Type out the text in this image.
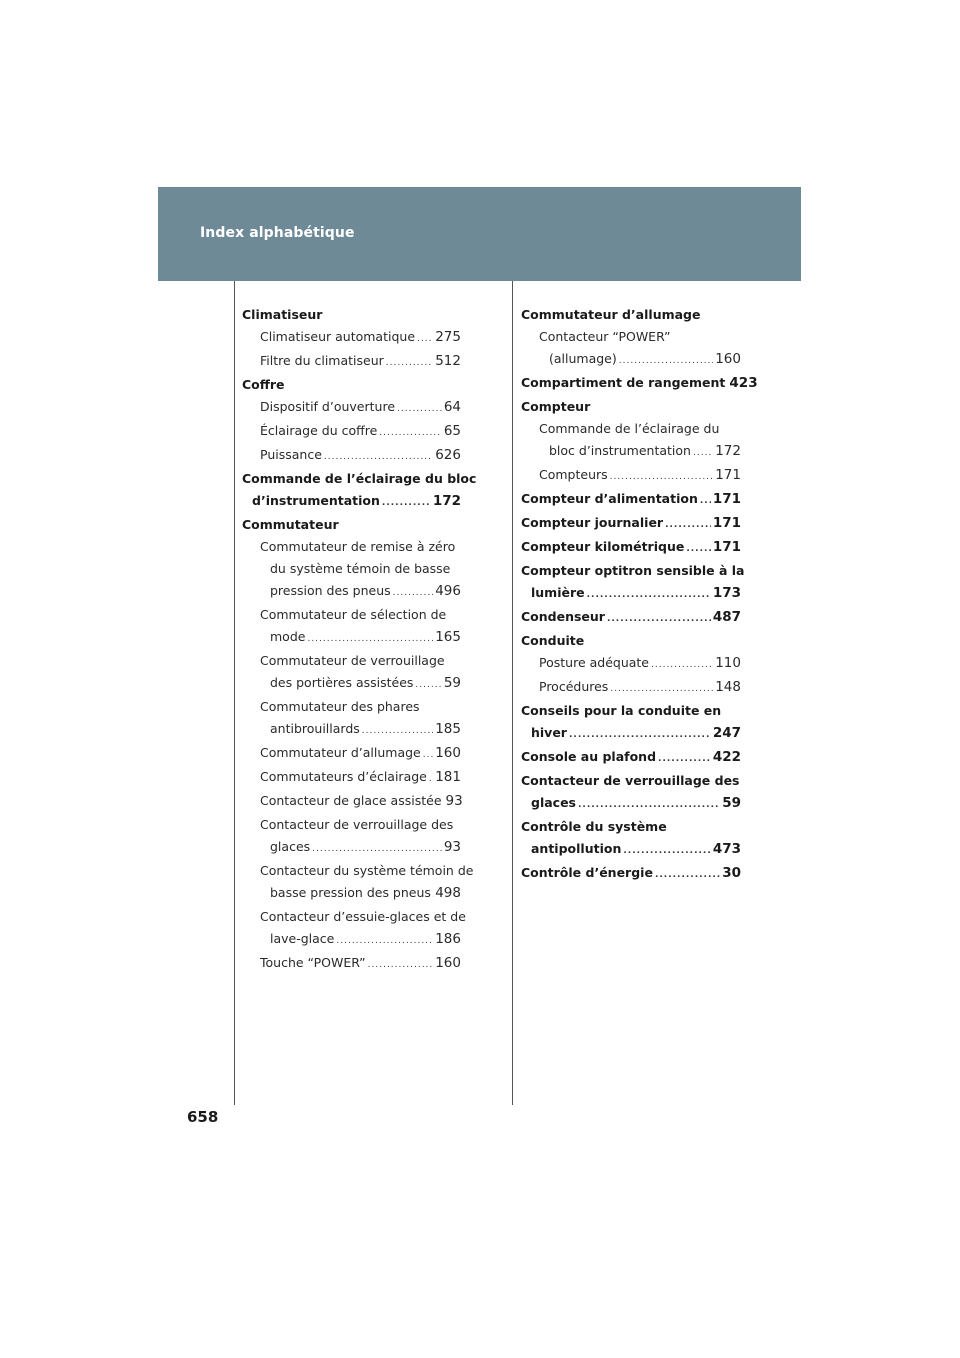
Index alphabétique
Climatiseur
Climatiseur automatique ..... 275
Filtre du climatiseur .....	512
Coffre
Dispositif d’ouverture .....	64
Éclairage du coffre .....	65
Puissance .....	626
Commande de l’éclairage du bloc
d’instrumentation .....	172
Commutateur
Commutateur de remise à zéro
du système témoin de basse
pression des pneus .....	496
Commutateur de sélection de
mode .....	165
Commutateur de verrouillage
des portières assistées ..... 59
Commutateur des phares
antibrouillards .....	185
Commutateur d’allumage ..... 160
Commutateurs d’éclairage ..... 181
Contacteur de glace assistée 93
Contacteur de verrouillage des
glaces .....	93
Contacteur du système témoin de
basse pression des pneus ..... 498
Contacteur d’essuie-glaces et de
lave-glace .....	186
Touche “POWER” .....	160
Commutateur d’allumage
Contacteur “POWER”
(allumage) .....	160
Compartiment de rangement 423
Compteur
Commande de l’éclairage du
bloc d’instrumentation ..... 172
Compteurs .....	171
Compteur d’alimentation ..... 171
Compteur journalier .....	171
Compteur kilométrique ..... 171
Compteur optitron sensible à la
lumière .....	173
Condenseur .....	487
Conduite
Posture adéquate .....	110
Procédures .....	148
Conseils pour la conduite en
hiver .....	247
Console au plafond .....	422
Contacteur de verrouillage des
glaces .....	59
Contrôle du système
antipollution .....	473
Contrôle d’énergie .....	30
658
